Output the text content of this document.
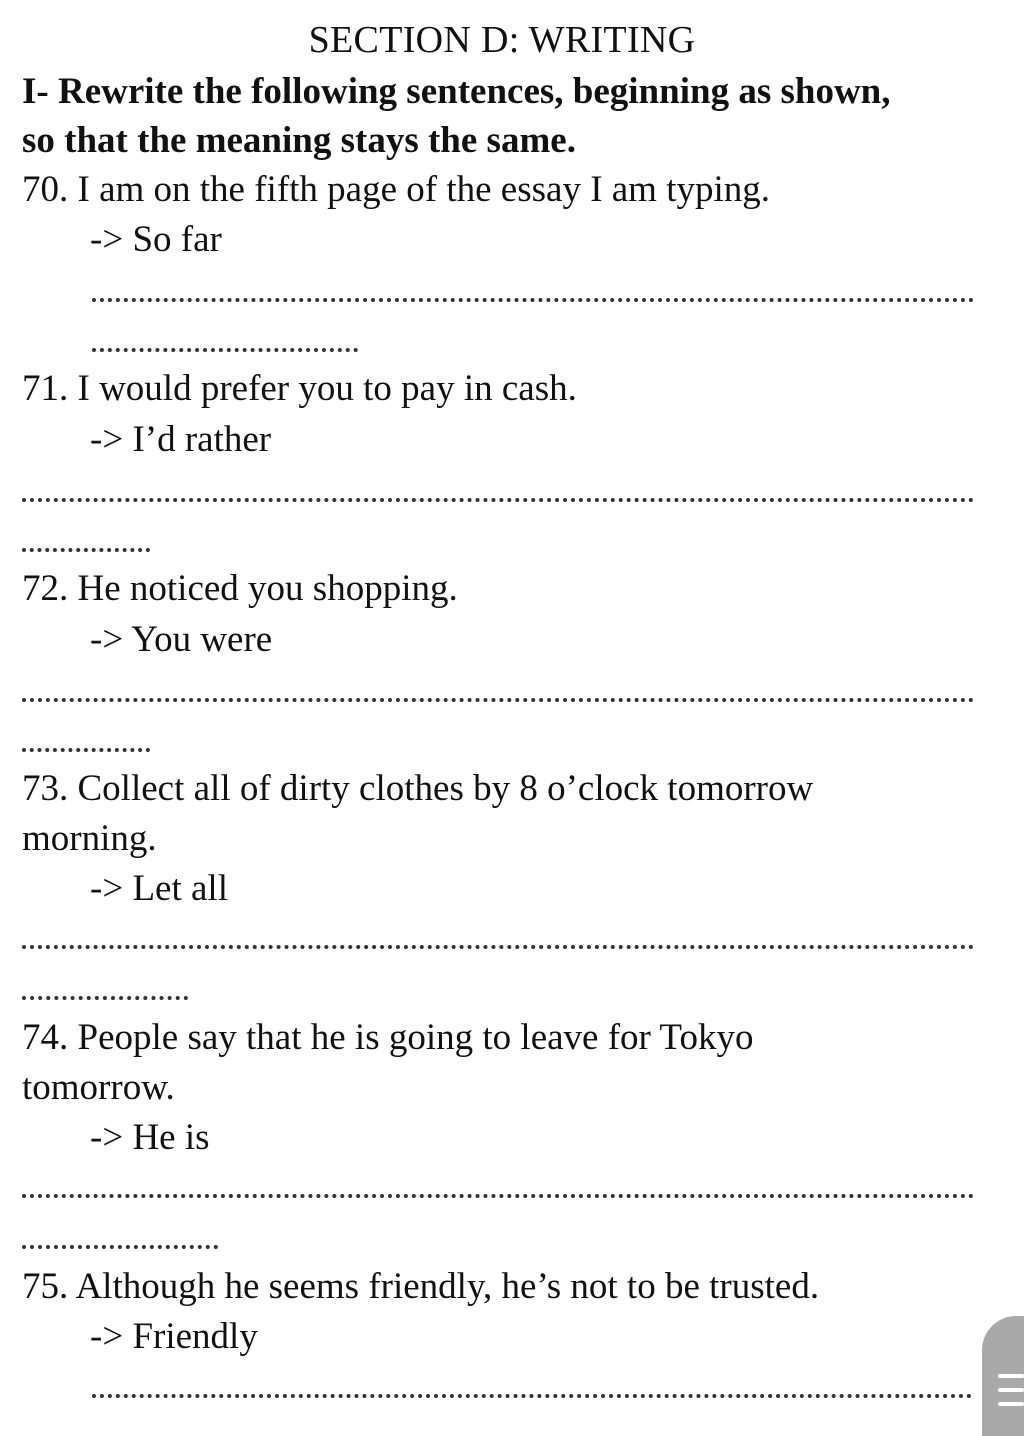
SECTION D: WRITING
I- Rewrite the following sentences, beginning as shown,
so that the meaning stays the same.
70. I am on the fifth page of the essay I am typing.
-> So far
71. I would prefer you to pay in cash.
-> I’d rather
72. He noticed you shopping.
-> You were
73. Collect all of dirty clothes by 8 o’clock tomorrow
morning.
-> Let all
74. People say that he is going to leave for Tokyo
tomorrow.
-> He is
75. Although he seems friendly, he’s not to be trusted.
-> Friendly
